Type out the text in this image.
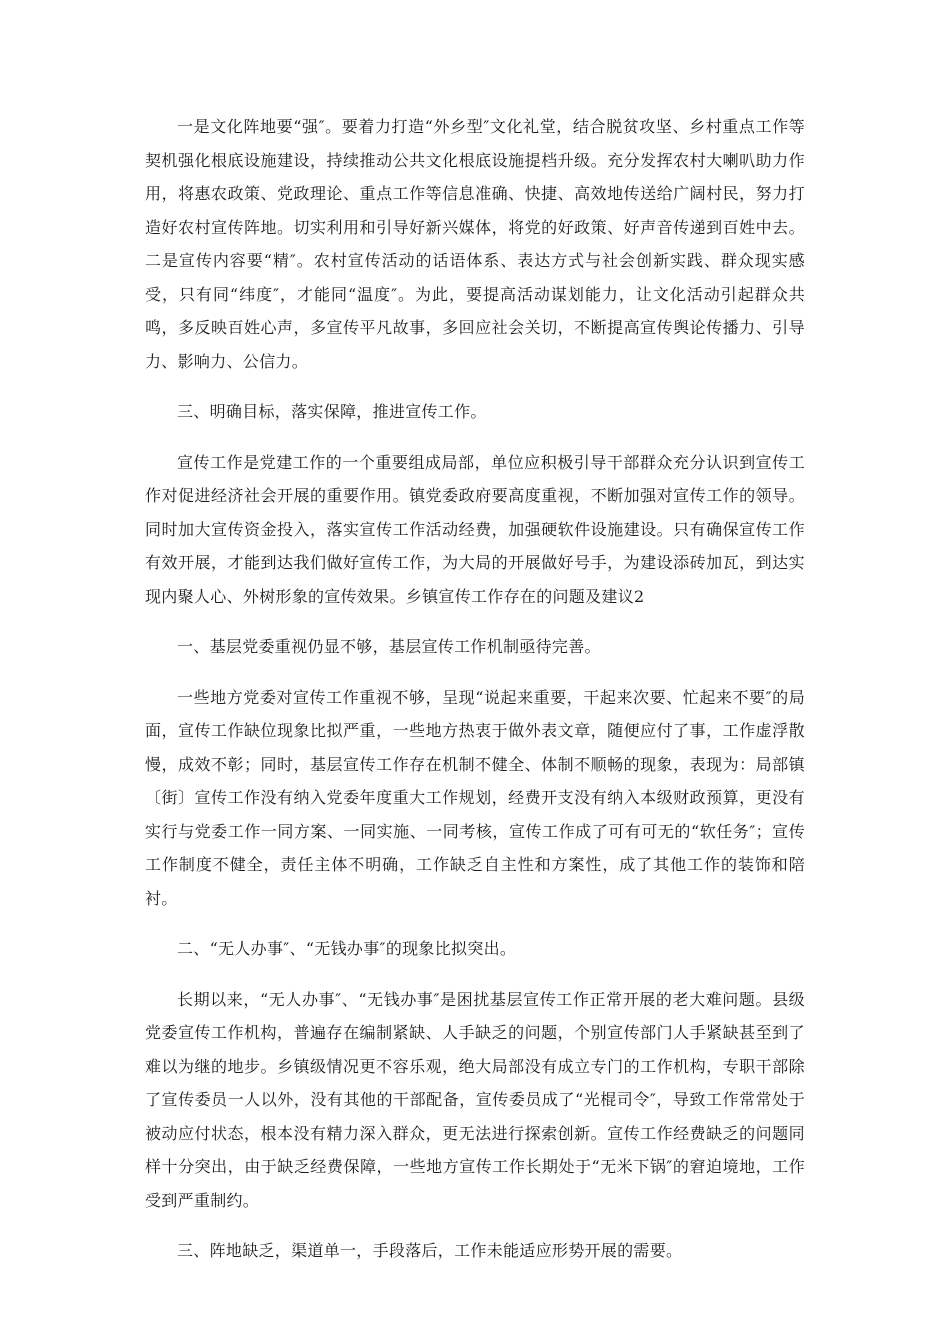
一是文化阵地要“强″。要着力打造“外乡型″文化礼堂，结合脱贫攻坚、乡村重点工作等契机强化根底设施建设，持续推动公共文化根底设施提档升级。充分发挥农村大喇叭助力作用，将惠农政策、党政理论、重点工作等信息准确、快捷、高效地传送给广阔村民，努力打造好农村宣传阵地。切实利用和引导好新兴媒体，将党的好政策、好声音传递到百姓中去。二是宣传内容要“精″。农村宣传活动的话语体系、表达方式与社会创新实践、群众现实感受，只有同“纬度″，才能同“温度″。为此，要提高活动谋划能力，让文化活动引起群众共鸣，多反映百姓心声，多宣传平凡故事，多回应社会关切，不断提高宣传舆论传播力、引导力、影响力、公信力。

三、明确目标，落实保障，推进宣传工作。

宣传工作是党建工作的一个重要组成局部，单位应积极引导干部群众充分认识到宣传工作对促进经济社会开展的重要作用。镇党委政府要高度重视，不断加强对宣传工作的领导。同时加大宣传资金投入，落实宣传工作活动经费，加强硬软件设施建设。只有确保宣传工作有效开展，才能到达我们做好宣传工作，为大局的开展做好号手，为建设添砖加瓦，到达实现内聚人心、外树形象的宣传效果。乡镇宣传工作存在的问题及建议2

一、基层党委重视仍显不够，基层宣传工作机制亟待完善。

一些地方党委对宣传工作重视不够，呈现“说起来重要，干起来次要、忙起来不要″的局面，宣传工作缺位现象比拟严重，一些地方热衷于做外表文章，随便应付了事，工作虚浮散慢，成效不彰；同时，基层宣传工作存在机制不健全、体制不顺畅的现象，表现为：局部镇〔街〕宣传工作没有纳入党委年度重大工作规划，经费开支没有纳入本级财政预算，更没有实行与党委工作一同方案、一同实施、一同考核，宣传工作成了可有可无的“软任务″；宣传工作制度不健全，责任主体不明确，工作缺乏自主性和方案性，成了其他工作的装饰和陪衬。

二、“无人办事″、“无钱办事″的现象比拟突出。

长期以来，“无人办事″、“无钱办事″是困扰基层宣传工作正常开展的老大难问题。县级党委宣传工作机构，普遍存在编制紧缺、人手缺乏的问题，个别宣传部门人手紧缺甚至到了难以为继的地步。乡镇级情况更不容乐观，绝大局部没有成立专门的工作机构，专职干部除了宣传委员一人以外，没有其他的干部配备，宣传委员成了“光棍司令″，导致工作常常处于被动应付状态，根本没有精力深入群众，更无法进行探索创新。宣传工作经费缺乏的问题同样十分突出，由于缺乏经费保障，一些地方宣传工作长期处于“无米下锅″的窘迫境地，工作受到严重制约。

三、阵地缺乏，渠道单一，手段落后，工作未能适应形势开展的需要。
